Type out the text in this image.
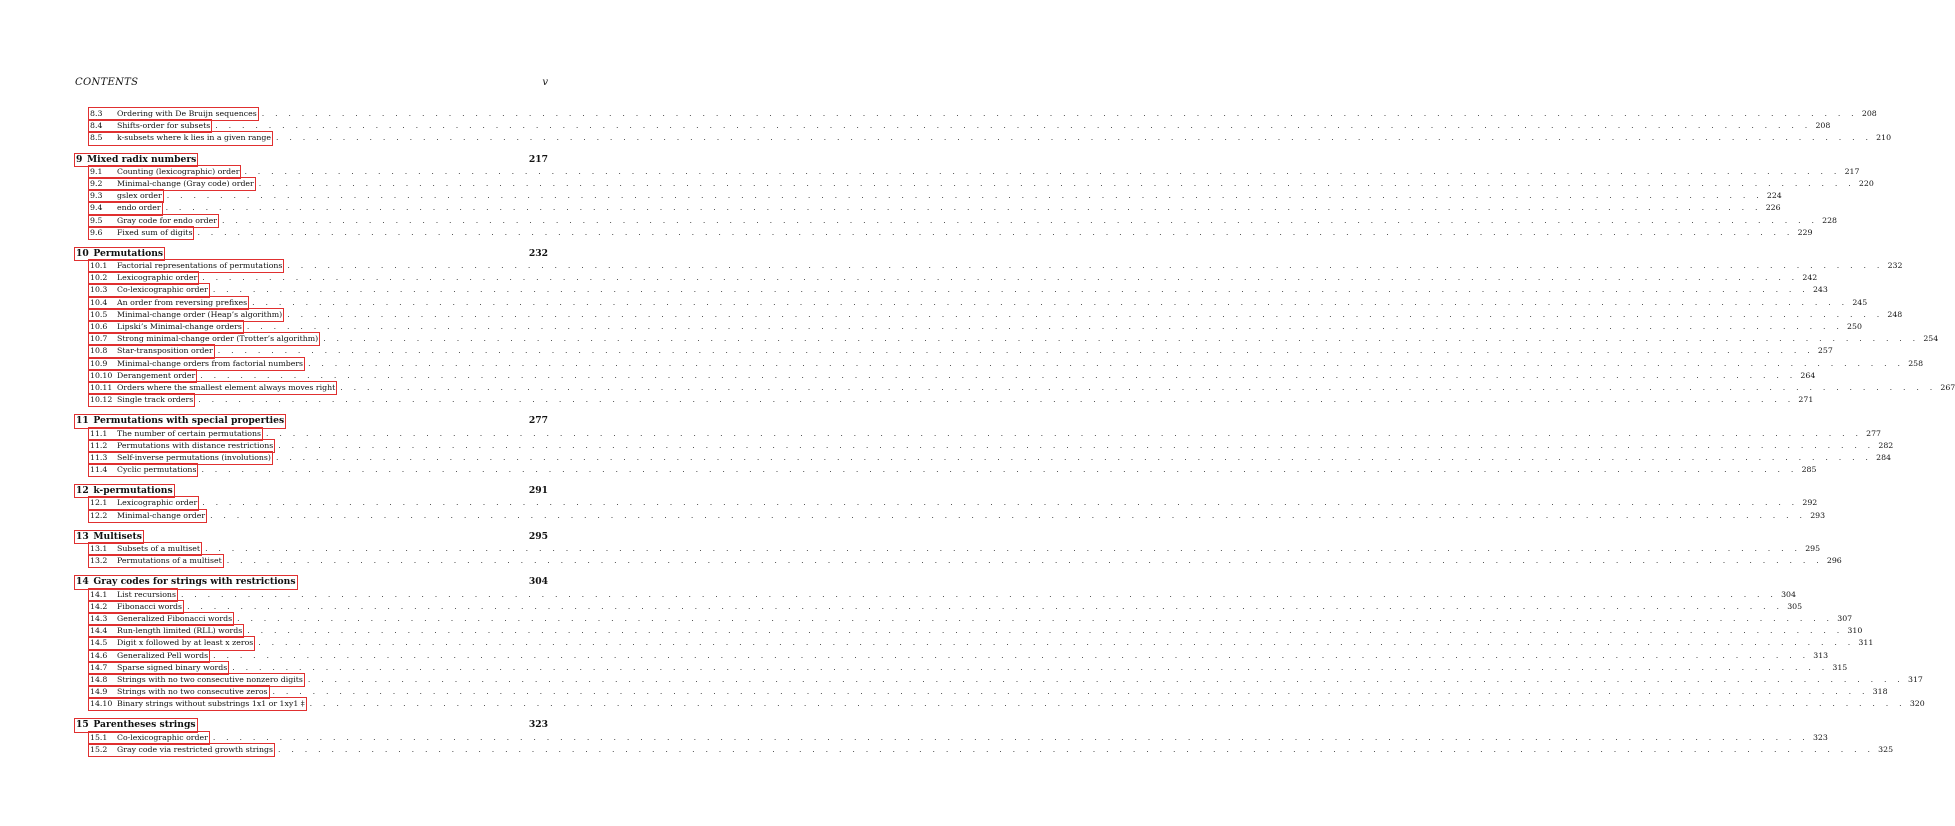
CONTENTS	v
8.3 Ordering with De Bruijn sequences . . . . . . . . . . . . . . . . . . . . . . . . . . . . . . . . . . . . . . . . . . . . . . . . . . . . . . . . . . . . . . . . . . . . . . . . . . . . . . . . . . . . . . . . . . . . . . . . . . . . . . . . . . . . . . . . . . . . . . . . 208
8.4 Shifts-order for subsets . . . . . . . . . . . . . . . . . . . . . . . . . . . . . . . . . . . . . . . . . . . . . . . . . . . . . . . . . . . . . . . . . . . . . . . . . . . . . . . . . . . . . . . . . . . . . . . . . . . . . . . . . . . . . . . . . . . . . . . . 208
8.5 k-subsets where k lies in a given range . . . . . . . . . . . . . . . . . . . . . . . . . . . . . . . . . . . . . . . . . . . . . . . . . . . . . . . . . . . . . . . . . . . . . . . . . . . . . . . . . . . . . . . . . . . . . . . . . . . . . . . . . . . . . . . . . . . . . . . . 210
9  Mixed radix numbers	217
9.1 Counting (lexicographic) order . . . . . . . . . . . . . . . . . . . . . . . . . . . . . . . . . . . . . . . . . . . . . . . . . . . . . . . . . . . . . . . . . . . . . . . . . . . . . . . . . . . . . . . . . . . . . . . . . . . . . . . . . . . . . . . . . . . . . . . . 217
9.2 Minimal-change (Gray code) order . . . . . . . . . . . . . . . . . . . . . . . . . . . . . . . . . . . . . . . . . . . . . . . . . . . . . . . . . . . . . . . . . . . . . . . . . . . . . . . . . . . . . . . . . . . . . . . . . . . . . . . . . . . . . . . . . . . . . . . . 220
9.3 gslex order . . . . . . . . . . . . . . . . . . . . . . . . . . . . . . . . . . . . . . . . . . . . . . . . . . . . . . . . . . . . . . . . . . . . . . . . . . . . . . . . . . . . . . . . . . . . . . . . . . . . . . . . . . . . . . . . . . . . . . . . 224
9.4 endo order . . . . . . . . . . . . . . . . . . . . . . . . . . . . . . . . . . . . . . . . . . . . . . . . . . . . . . . . . . . . . . . . . . . . . . . . . . . . . . . . . . . . . . . . . . . . . . . . . . . . . . . . . . . . . . . . . . . . . . . . 226
9.5 Gray code for endo order . . . . . . . . . . . . . . . . . . . . . . . . . . . . . . . . . . . . . . . . . . . . . . . . . . . . . . . . . . . . . . . . . . . . . . . . . . . . . . . . . . . . . . . . . . . . . . . . . . . . . . . . . . . . . . . . . . . . . . . . 228
9.6 Fixed sum of digits . . . . . . . . . . . . . . . . . . . . . . . . . . . . . . . . . . . . . . . . . . . . . . . . . . . . . . . . . . . . . . . . . . . . . . . . . . . . . . . . . . . . . . . . . . . . . . . . . . . . . . . . . . . . . . . . . . . . . . . . 229
10  Permutations	232
10.1 Factorial representations of permutations . . . . . . . . . . . . . . . . . . . . . . . . . . . . . . . . . . . . . . . . . . . . . . . . . . . . . . . . . . . . . . . . . . . . . . . . . . . . . . . . . . . . . . . . . . . . . . . . . . . . . . . . . . . . . . . . . . . . . . . . 232
10.2 Lexicographic order . . . . . . . . . . . . . . . . . . . . . . . . . . . . . . . . . . . . . . . . . . . . . . . . . . . . . . . . . . . . . . . . . . . . . . . . . . . . . . . . . . . . . . . . . . . . . . . . . . . . . . . . . . . . . . . . . . . . . . . . 242
10.3 Co-lexicographic order . . . . . . . . . . . . . . . . . . . . . . . . . . . . . . . . . . . . . . . . . . . . . . . . . . . . . . . . . . . . . . . . . . . . . . . . . . . . . . . . . . . . . . . . . . . . . . . . . . . . . . . . . . . . . . . . . . . . . . . . 243
10.4 An order from reversing prefixes . . . . . . . . . . . . . . . . . . . . . . . . . . . . . . . . . . . . . . . . . . . . . . . . . . . . . . . . . . . . . . . . . . . . . . . . . . . . . . . . . . . . . . . . . . . . . . . . . . . . . . . . . . . . . . . . . . . . . . . . 245
10.5 Minimal-change order (Heap’s algorithm) . . . . . . . . . . . . . . . . . . . . . . . . . . . . . . . . . . . . . . . . . . . . . . . . . . . . . . . . . . . . . . . . . . . . . . . . . . . . . . . . . . . . . . . . . . . . . . . . . . . . . . . . . . . . . . . . . . . . . . . . 248
10.6 Lipski’s Minimal-change orders . . . . . . . . . . . . . . . . . . . . . . . . . . . . . . . . . . . . . . . . . . . . . . . . . . . . . . . . . . . . . . . . . . . . . . . . . . . . . . . . . . . . . . . . . . . . . . . . . . . . . . . . . . . . . . . . . . . . . . . . 250
10.7 Strong minimal-change order (Trotter’s algorithm) . . . . . . . . . . . . . . . . . . . . . . . . . . . . . . . . . . . . . . . . . . . . . . . . . . . . . . . . . . . . . . . . . . . . . . . . . . . . . . . . . . . . . . . . . . . . . . . . . . . . . . . . . . . . . . . . . . . . . . . . 254
10.8 Star-transposition order . . . . . . . . . . . . . . . . . . . . . . . . . . . . . . . . . . . . . . . . . . . . . . . . . . . . . . . . . . . . . . . . . . . . . . . . . . . . . . . . . . . . . . . . . . . . . . . . . . . . . . . . . . . . . . . . . . . . . . . . 257
10.9 Minimal-change orders from factorial numbers . . . . . . . . . . . . . . . . . . . . . . . . . . . . . . . . . . . . . . . . . . . . . . . . . . . . . . . . . . . . . . . . . . . . . . . . . . . . . . . . . . . . . . . . . . . . . . . . . . . . . . . . . . . . . . . . . . . . . . . . 258
10.10 Derangement order . . . . . . . . . . . . . . . . . . . . . . . . . . . . . . . . . . . . . . . . . . . . . . . . . . . . . . . . . . . . . . . . . . . . . . . . . . . . . . . . . . . . . . . . . . . . . . . . . . . . . . . . . . . . . . . . . . . . . . . . 264
10.11 Orders where the smallest element always moves right . . . . . . . . . . . . . . . . . . . . . . . . . . . . . . . . . . . . . . . . . . . . . . . . . . . . . . . . . . . . . . . . . . . . . . . . . . . . . . . . . . . . . . . . . . . . . . . . . . . . . . . . . . . . . . . . . . . . . . . . 267
10.12 Single track orders . . . . . . . . . . . . . . . . . . . . . . . . . . . . . . . . . . . . . . . . . . . . . . . . . . . . . . . . . . . . . . . . . . . . . . . . . . . . . . . . . . . . . . . . . . . . . . . . . . . . . . . . . . . . . . . . . . . . . . . . 271
11  Permutations with special properties	277
11.1 The number of certain permutations . . . . . . . . . . . . . . . . . . . . . . . . . . . . . . . . . . . . . . . . . . . . . . . . . . . . . . . . . . . . . . . . . . . . . . . . . . . . . . . . . . . . . . . . . . . . . . . . . . . . . . . . . . . . . . . . . . . . . . . . 277
11.2 Permutations with distance restrictions . . . . . . . . . . . . . . . . . . . . . . . . . . . . . . . . . . . . . . . . . . . . . . . . . . . . . . . . . . . . . . . . . . . . . . . . . . . . . . . . . . . . . . . . . . . . . . . . . . . . . . . . . . . . . . . . . . . . . . . . 282
11.3 Self-inverse permutations (involutions) . . . . . . . . . . . . . . . . . . . . . . . . . . . . . . . . . . . . . . . . . . . . . . . . . . . . . . . . . . . . . . . . . . . . . . . . . . . . . . . . . . . . . . . . . . . . . . . . . . . . . . . . . . . . . . . . . . . . . . . . 284
11.4 Cyclic permutations . . . . . . . . . . . . . . . . . . . . . . . . . . . . . . . . . . . . . . . . . . . . . . . . . . . . . . . . . . . . . . . . . . . . . . . . . . . . . . . . . . . . . . . . . . . . . . . . . . . . . . . . . . . . . . . . . . . . . . . . 285
12  k-permutations	291
12.1 Lexicographic order . . . . . . . . . . . . . . . . . . . . . . . . . . . . . . . . . . . . . . . . . . . . . . . . . . . . . . . . . . . . . . . . . . . . . . . . . . . . . . . . . . . . . . . . . . . . . . . . . . . . . . . . . . . . . . . . . . . . . . . . 292
12.2 Minimal-change order . . . . . . . . . . . . . . . . . . . . . . . . . . . . . . . . . . . . . . . . . . . . . . . . . . . . . . . . . . . . . . . . . . . . . . . . . . . . . . . . . . . . . . . . . . . . . . . . . . . . . . . . . . . . . . . . . . . . . . . . 293
13  Multisets	295
13.1 Subsets of a multiset . . . . . . . . . . . . . . . . . . . . . . . . . . . . . . . . . . . . . . . . . . . . . . . . . . . . . . . . . . . . . . . . . . . . . . . . . . . . . . . . . . . . . . . . . . . . . . . . . . . . . . . . . . . . . . . . . . . . . . . . 295
13.2 Permutations of a multiset . . . . . . . . . . . . . . . . . . . . . . . . . . . . . . . . . . . . . . . . . . . . . . . . . . . . . . . . . . . . . . . . . . . . . . . . . . . . . . . . . . . . . . . . . . . . . . . . . . . . . . . . . . . . . . . . . . . . . . . . 296
14  Gray codes for strings with restrictions	304
14.1 List recursions . . . . . . . . . . . . . . . . . . . . . . . . . . . . . . . . . . . . . . . . . . . . . . . . . . . . . . . . . . . . . . . . . . . . . . . . . . . . . . . . . . . . . . . . . . . . . . . . . . . . . . . . . . . . . . . . . . . . . . . . 304
14.2 Fibonacci words . . . . . . . . . . . . . . . . . . . . . . . . . . . . . . . . . . . . . . . . . . . . . . . . . . . . . . . . . . . . . . . . . . . . . . . . . . . . . . . . . . . . . . . . . . . . . . . . . . . . . . . . . . . . . . . . . . . . . . . . 305
14.3 Generalized Fibonacci words . . . . . . . . . . . . . . . . . . . . . . . . . . . . . . . . . . . . . . . . . . . . . . . . . . . . . . . . . . . . . . . . . . . . . . . . . . . . . . . . . . . . . . . . . . . . . . . . . . . . . . . . . . . . . . . . . . . . . . . . 307
14.4 Run-length limited (RLL) words . . . . . . . . . . . . . . . . . . . . . . . . . . . . . . . . . . . . . . . . . . . . . . . . . . . . . . . . . . . . . . . . . . . . . . . . . . . . . . . . . . . . . . . . . . . . . . . . . . . . . . . . . . . . . . . . . . . . . . . . 310
14.5 Digit x followed by at least x zeros . . . . . . . . . . . . . . . . . . . . . . . . . . . . . . . . . . . . . . . . . . . . . . . . . . . . . . . . . . . . . . . . . . . . . . . . . . . . . . . . . . . . . . . . . . . . . . . . . . . . . . . . . . . . . . . . . . . . . . . . 311
14.6 Generalized Pell words . . . . . . . . . . . . . . . . . . . . . . . . . . . . . . . . . . . . . . . . . . . . . . . . . . . . . . . . . . . . . . . . . . . . . . . . . . . . . . . . . . . . . . . . . . . . . . . . . . . . . . . . . . . . . . . . . . . . . . . . 313
14.7 Sparse signed binary words . . . . . . . . . . . . . . . . . . . . . . . . . . . . . . . . . . . . . . . . . . . . . . . . . . . . . . . . . . . . . . . . . . . . . . . . . . . . . . . . . . . . . . . . . . . . . . . . . . . . . . . . . . . . . . . . . . . . . . . . 315
14.8 Strings with no two consecutive nonzero digits . . . . . . . . . . . . . . . . . . . . . . . . . . . . . . . . . . . . . . . . . . . . . . . . . . . . . . . . . . . . . . . . . . . . . . . . . . . . . . . . . . . . . . . . . . . . . . . . . . . . . . . . . . . . . . . . . . . . . . . . 317
14.9 Strings with no two consecutive zeros . . . . . . . . . . . . . . . . . . . . . . . . . . . . . . . . . . . . . . . . . . . . . . . . . . . . . . . . . . . . . . . . . . . . . . . . . . . . . . . . . . . . . . . . . . . . . . . . . . . . . . . . . . . . . . . . . . . . . . . . 318
14.10 Binary strings without substrings 1x1 or 1xy1 ‡ . . . . . . . . . . . . . . . . . . . . . . . . . . . . . . . . . . . . . . . . . . . . . . . . . . . . . . . . . . . . . . . . . . . . . . . . . . . . . . . . . . . . . . . . . . . . . . . . . . . . . . . . . . . . . . . . . . . . . . . . 320
15  Parentheses strings	323
15.1 Co-lexicographic order . . . . . . . . . . . . . . . . . . . . . . . . . . . . . . . . . . . . . . . . . . . . . . . . . . . . . . . . . . . . . . . . . . . . . . . . . . . . . . . . . . . . . . . . . . . . . . . . . . . . . . . . . . . . . . . . . . . . . . . . 323
15.2 Gray code via restricted growth strings . . . . . . . . . . . . . . . . . . . . . . . . . . . . . . . . . . . . . . . . . . . . . . . . . . . . . . . . . . . . . . . . . . . . . . . . . . . . . . . . . . . . . . . . . . . . . . . . . . . . . . . . . . . . . . . . . . . . . . . . 325
